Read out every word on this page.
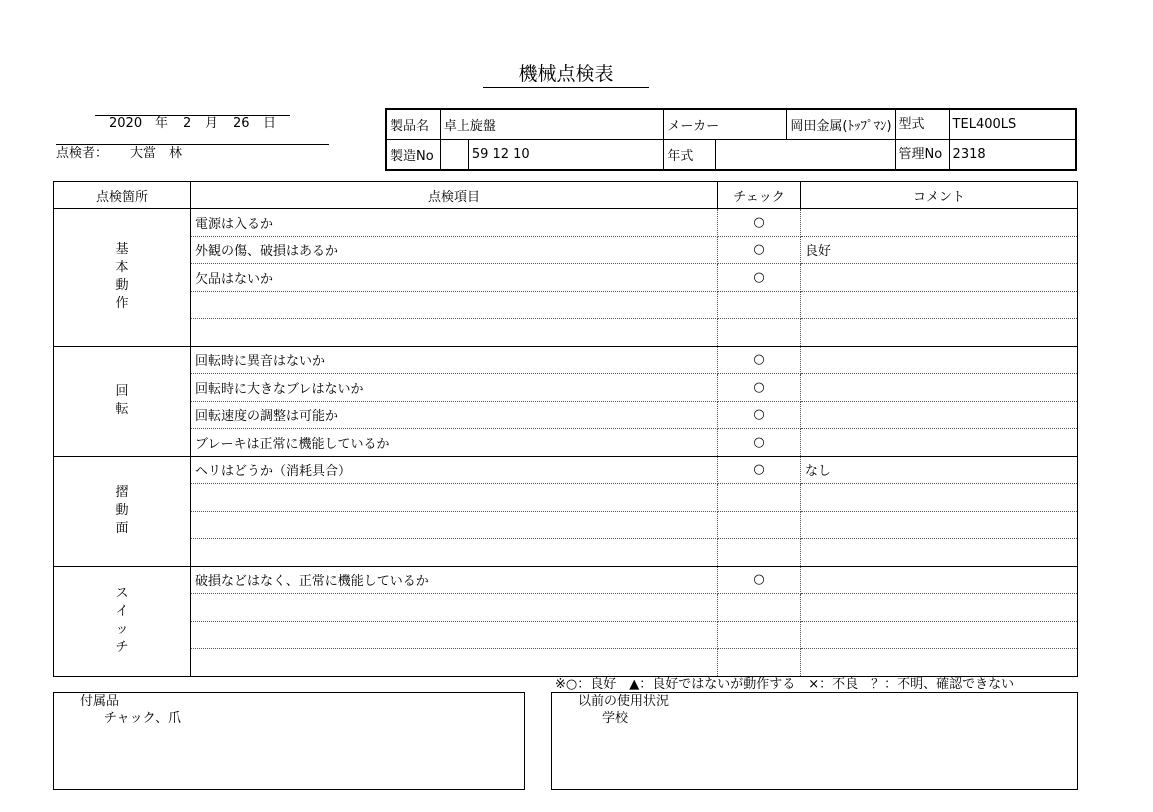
機械点検表
2020 年 2 月 26 日
点検者： 大當　林
製品名	卓上旋盤	メーカー		岡田金属(ﾄｯﾌﾟﾏﾝ)	型式 TEL400LS
製造No	59 12 10	年式			管理No 2318
点検箇所	点検項目	チェック	コメント
基本動作	電源は入るか	○	
	外観の傷、破損はあるか	○	良好
	欠品はないか	○	

回転	回転時に異音はないか	○	
	回転時に大きなブレはないか	○	
	回転速度の調整は可能か	○	
	ブレーキは正常に機能しているか	○	
摺動面	ヘリはどうか（消耗具合）	○	なし

スイッチ	破損などはなく、正常に機能しているか	○	

※○：良好　▲：良好ではないが動作する　×：不良　？：不明、確認できない
付属品
チャック、爪
以前の使用状況
学校
